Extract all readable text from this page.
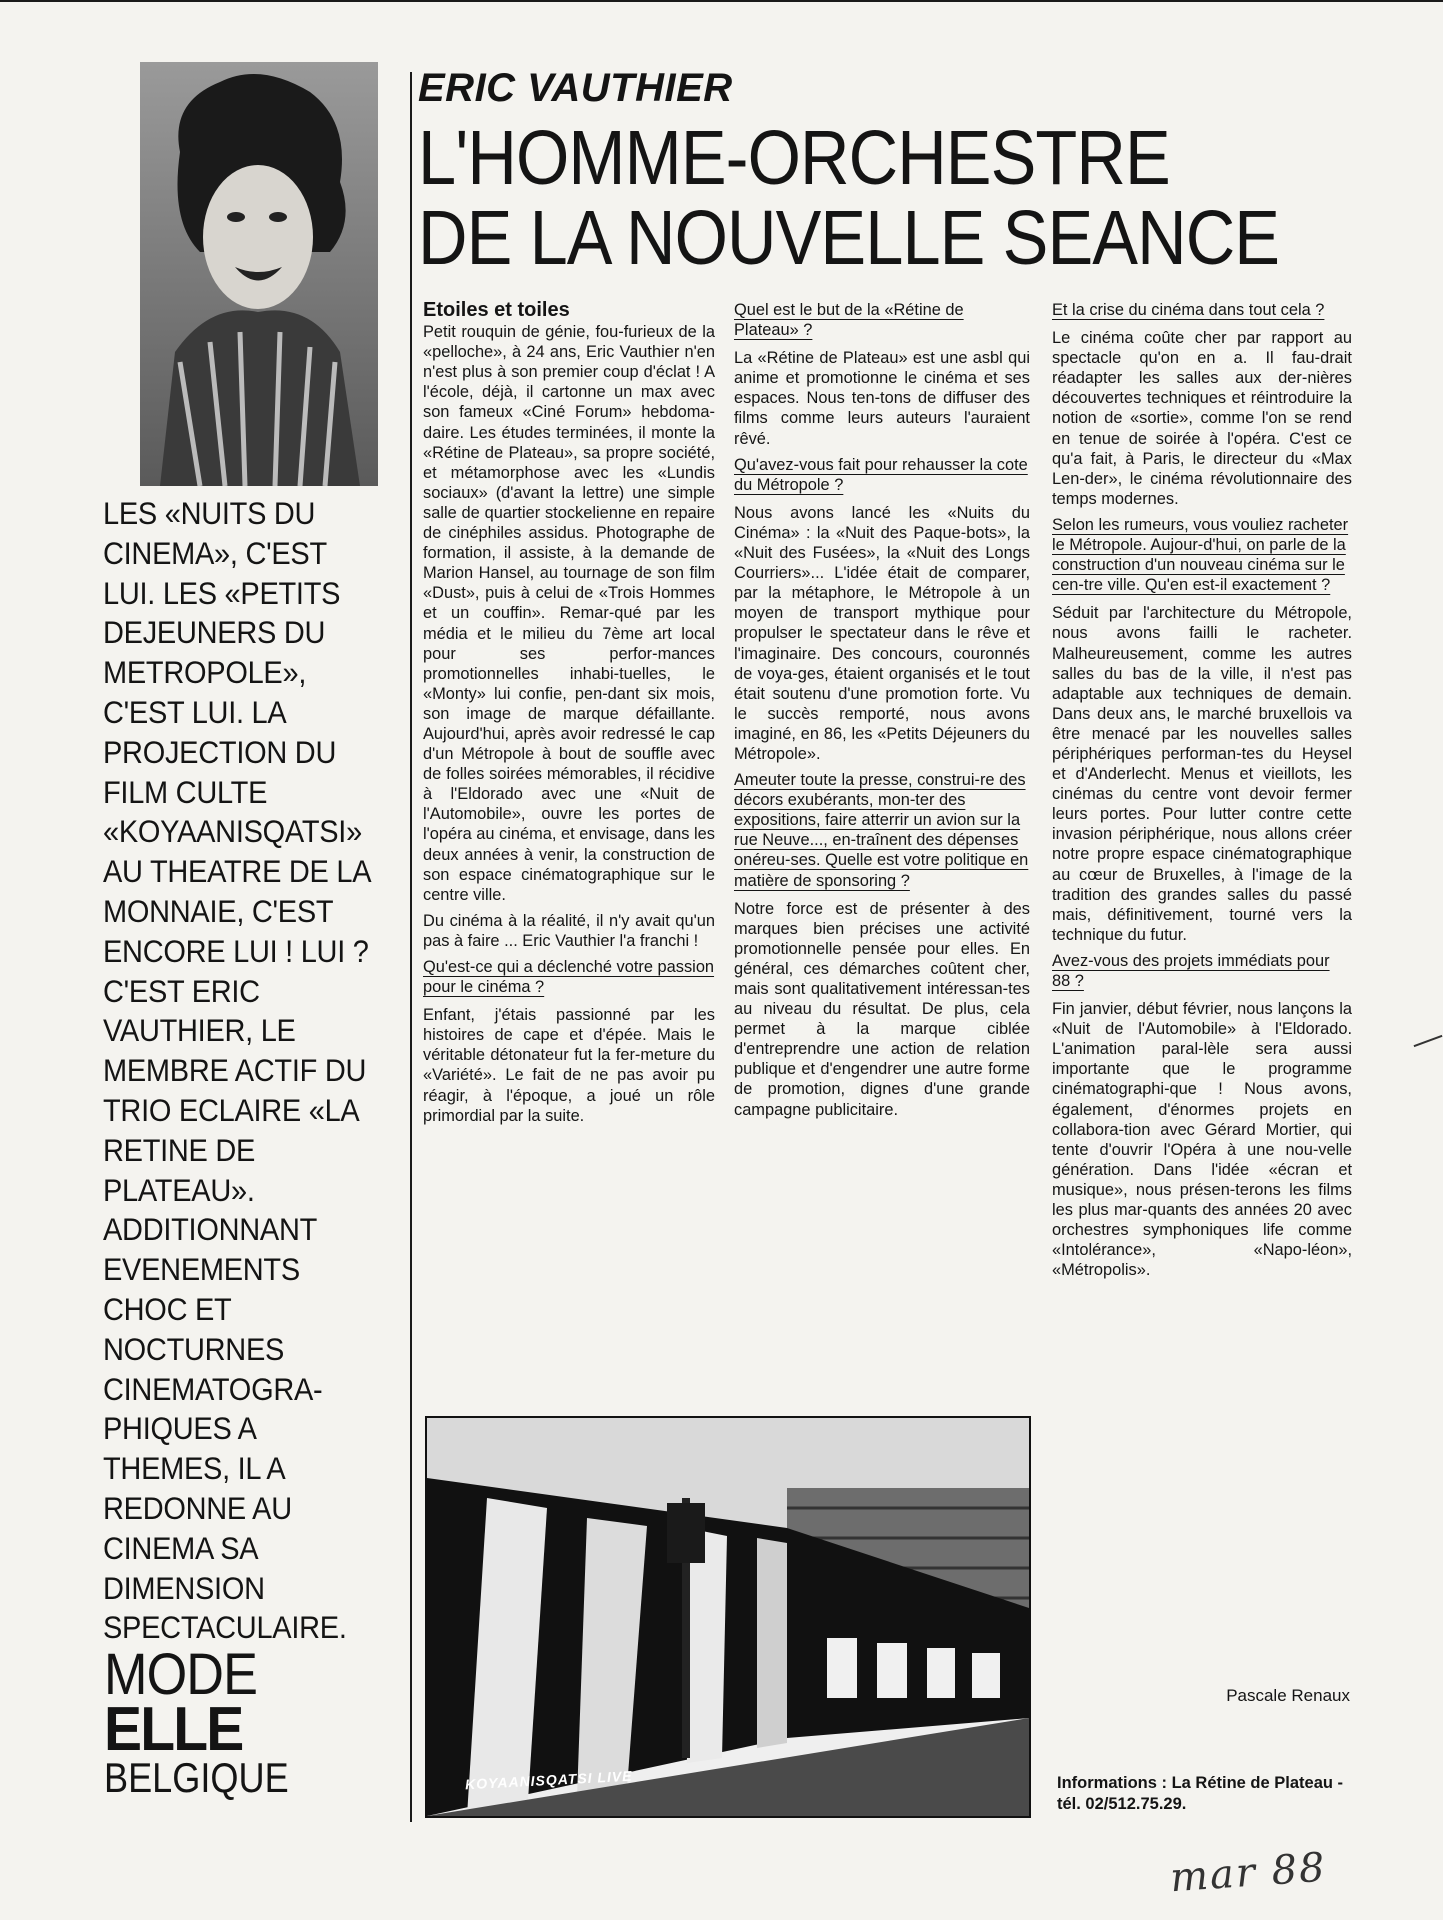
LES «NUITS DU CINEMA», C'EST LUI. LES «PETITS DEJEUNERS DU METROPOLE», C'EST LUI. LA PROJECTION DU FILM CULTE «KOYAANISQATSI» AU THEATRE DE LA MONNAIE, C'EST ENCORE LUI ! LUI ? C'EST ERIC VAUTHIER, LE MEMBRE ACTIF DU TRIO ECLAIRE «LA RETINE DE PLATEAU». ADDITIONNANT EVENEMENTS CHOC ET NOCTURNES CINEMATOGRA-PHIQUES A THEMES, IL A REDONNE AU CINEMA SA DIMENSION SPECTACULAIRE.
MODE
ELLE
BELGIQUE
ERIC VAUTHIER
L'HOMME-ORCHESTRE
DE LA NOUVELLE SEANCE
Etoiles et toiles

Petit rouquin de génie, fou-furieux de la «pelloche», à 24 ans, Eric Vauthier n'en n'est plus à son premier coup d'éclat ! A l'école, déjà, il cartonne un max avec son fameux «Ciné Forum» hebdoma-daire. Les études terminées, il monte la «Rétine de Plateau», sa propre société, et métamorphose avec les «Lundis sociaux» (d'avant la lettre) une simple salle de quartier stockelienne en repaire de cinéphiles assidus. Photographe de formation, il assiste, à la demande de Marion Hansel, au tournage de son film «Dust», puis à celui de «Trois Hommes et un couffin». Remar-qué par les média et le milieu du 7ème art local pour ses perfor-mances promotionnelles inhabi-tuelles, le «Monty» lui confie, pen-dant six mois, son image de marque défaillante. Aujourd'hui, après avoir redressé le cap d'un Métropole à bout de souffle avec de folles soirées mémorables, il récidive à l'Eldorado avec une «Nuit de l'Automobile», ouvre les portes de l'opéra au cinéma, et envisage, dans les deux années à venir, la construction de son espace cinématographique sur le centre ville.

Du cinéma à la réalité, il n'y avait qu'un pas à faire ... Eric Vauthier l'a franchi !

Qu'est-ce qui a déclenché votre passion pour le cinéma ?

Enfant, j'étais passionné par les histoires de cape et d'épée. Mais le véritable détonateur fut la fer-meture du «Variété». Le fait de ne pas avoir pu réagir, à l'époque, a joué un rôle primordial par la suite.

Quel est le but de la «Rétine de Plateau» ?

La «Rétine de Plateau» est une asbl qui anime et promotionne le cinéma et ses espaces. Nous ten-tons de diffuser des films comme leurs auteurs l'auraient rêvé.

Qu'avez-vous fait pour rehausser la cote du Métropole ?

Nous avons lancé les «Nuits du Cinéma» : la «Nuit des Paque-bots», la «Nuit des Fusées», la «Nuit des Longs Courriers»... L'idée était de comparer, par la métaphore, le Métropole à un moyen de transport mythique pour propulser le spectateur dans le rêve et l'imaginaire. Des concours, couronnés de voya-ges, étaient organisés et le tout était soutenu d'une promotion forte. Vu le succès remporté, nous avons imaginé, en 86, les «Petits Déjeuners du Métropole».

Ameuter toute la presse, construi-re des décors exubérants, mon-ter des expositions, faire atterrir un avion sur la rue Neuve..., en-traînent des dépenses onéreu-ses. Quelle est votre politique en matière de sponsoring ?

Notre force est de présenter à des marques bien précises une activité promotionnelle pensée pour elles. En général, ces démarches coûtent cher, mais sont qualitativement intéressan-tes au niveau du résultat. De plus, cela permet à la marque ciblée d'entreprendre une action de relation publique et d'engendrer une autre forme de promotion, dignes d'une grande campagne publicitaire.

Et la crise du cinéma dans tout cela ?

Le cinéma coûte cher par rapport au spectacle qu'on en a. Il fau-drait réadapter les salles aux der-nières découvertes techniques et réintroduire la notion de «sortie», comme l'on se rend en tenue de soirée à l'opéra. C'est ce qu'a fait, à Paris, le directeur du «Max Len-der», le cinéma révolutionnaire des temps modernes.

Selon les rumeurs, vous vouliez racheter le Métropole. Aujour-d'hui, on parle de la construction d'un nouveau cinéma sur le cen-tre ville. Qu'en est-il exactement ?

Séduit par l'architecture du Métropole, nous avons failli le racheter. Malheureusement, comme les autres salles du bas de la ville, il n'est pas adaptable aux techniques de demain. Dans deux ans, le marché bruxellois va être menacé par les nouvelles salles périphériques performan-tes du Heysel et d'Anderlecht. Menus et vieillots, les cinémas du centre vont devoir fermer leurs portes. Pour lutter contre cette invasion périphérique, nous allons créer notre propre espace cinématographique au cœur de Bruxelles, à l'image de la tradition des grandes salles du passé mais, définitivement, tourné vers la technique du futur.

Avez-vous des projets immédiats pour 88 ?

Fin janvier, début février, nous lançons la «Nuit de l'Automobile» à l'Eldorado. L'animation paral-lèle sera aussi importante que le programme cinématographi-que ! Nous avons, également, d'énormes projets en collabora-tion avec Gérard Mortier, qui tente d'ouvrir l'Opéra à une nou-velle génération. Dans l'idée «écran et musique», nous présen-terons les films les plus mar-quants des années 20 avec orchestres symphoniques life comme «Intolérance», «Napo-léon», «Métropolis».

KOYAANISQATSI LIVE
Pascale Renaux
Informations : La Rétine de Plateau - tél. 02/512.75.29.
mar 88
